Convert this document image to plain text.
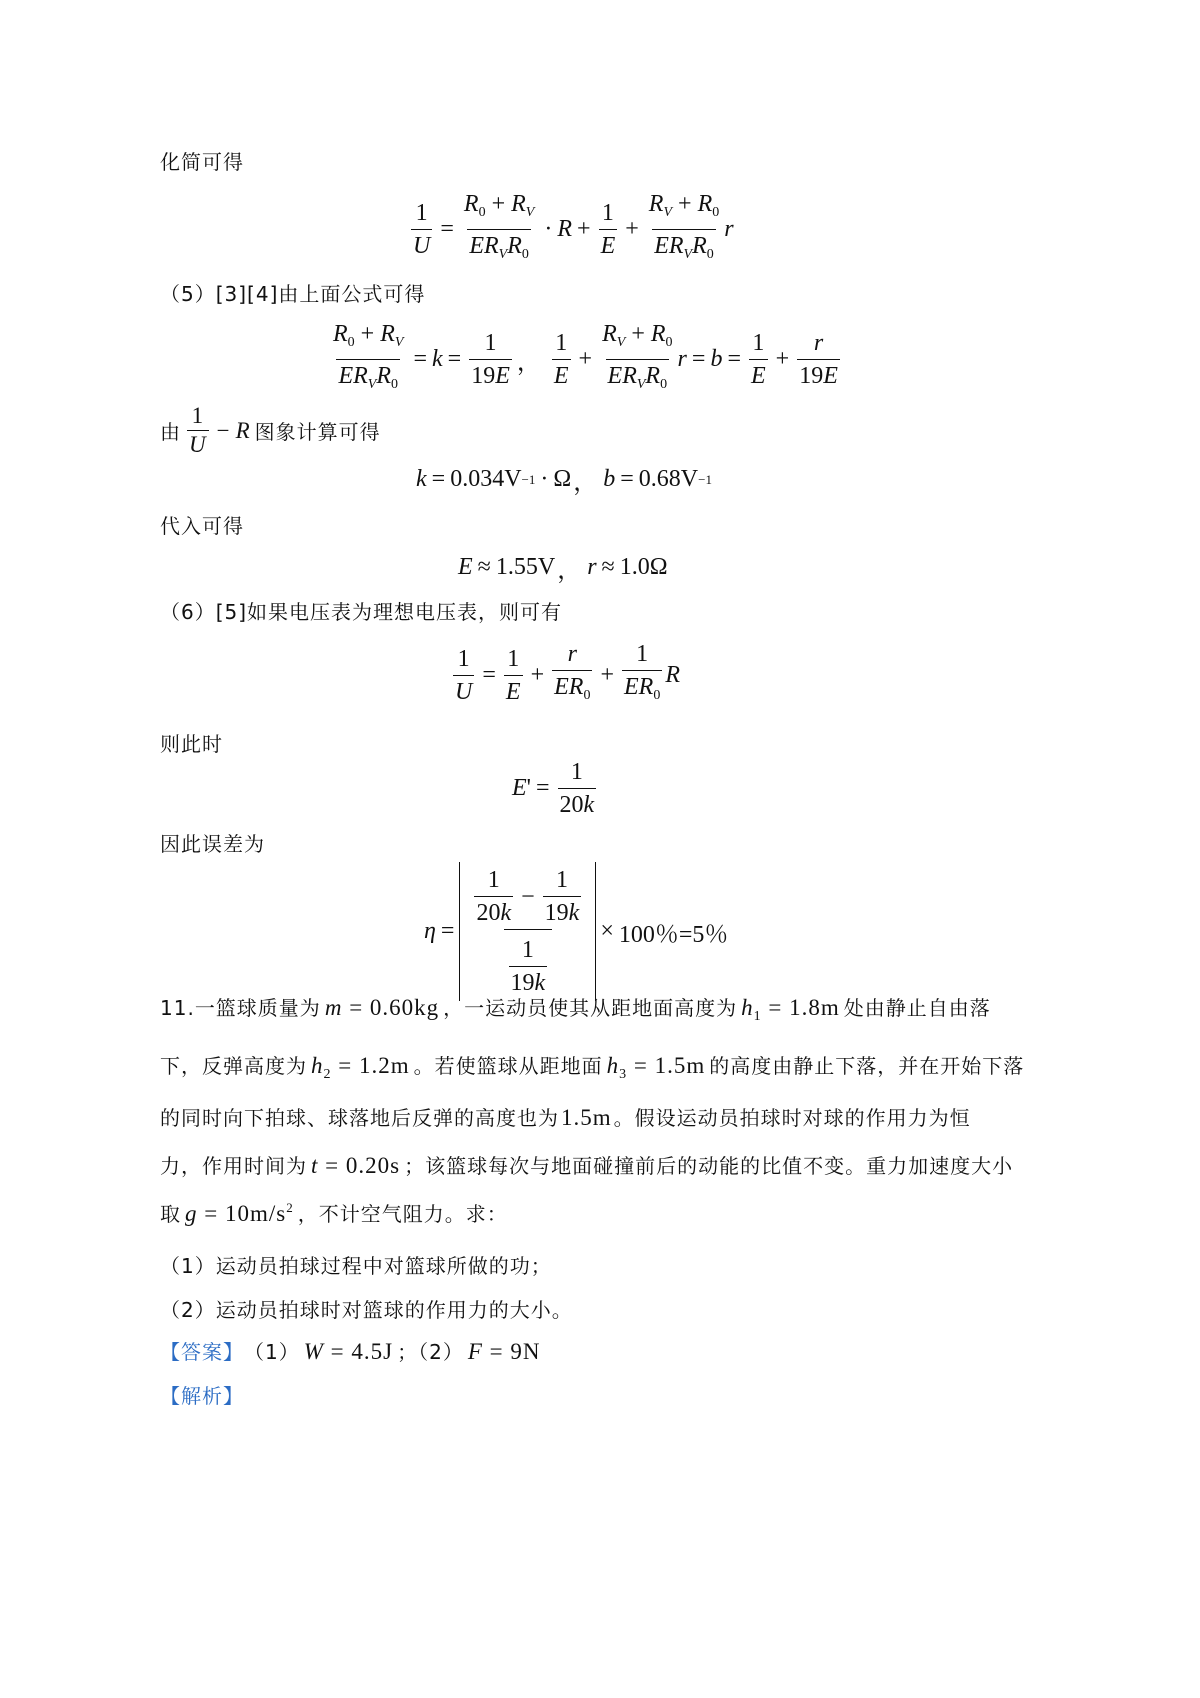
化简可得
$\frac{1}{U} = \frac{R_0 + R_V}{ER_VR_0} \cdot R + \frac{1}{E} + \frac{R_V + R_0}{ER_VR_0}$ r
（5）[3][4]由上面公式可得
$\frac{R_0 + R_V}{ER_VR_0} = k = \frac{1}{19E}$ ， $\frac{1}{E} + \frac{R_V + R_0}{ER_VR_0}$ $r = b = \frac{1}{E} + \frac{r}{19E}$
由 $\frac{1}{U} - R$ 图象计算可得
k = 0.034 V −1 · Ω ， b = 0.68 V −1
代入可得
E ≈ 1.55V ， r ≈ 1.0Ω
（6）[5]如果电压表为理想电压表，则可有
$\frac{1}{U} = \frac{1}{E} + \frac{r}{ER_0} + \frac{1}{ER_0}$ R
则此时
E ' = $\frac{1}{20k}$
因此误差为
$\eta = \frac{\frac{1}{20k} - \frac{1}{19k}}{\frac{1}{19k}} \times 100$％ =5％
11. 一篮球质量为 m = 0.60kg ，一运动员使其从距地面高度为 $h_1 = 1.8m$ 处由静止自由落
下，反弹高度为 $h_2 = 1.2m$ 。若使篮球从距地面 $h_3 = 1.5m$ 的高度由静止下落，并在开始下落
的同时向下拍球、球落地后反弹的高度也为 1.5m 。假设运动员拍球时对球的作用力为恒
力，作用时间为 t = 0.20s ；该篮球每次与地面碰撞前后的动能的比值不变。重力加速度大小
取 $g = 10m/s^2$ ，不计空气阻力。求：
（1）运动员拍球过程中对篮球所做的功；
（2）运动员拍球时对篮球的作用力的大小。
【答案】 （1） W = 4.5J ；（2） F = 9N
【解析】
